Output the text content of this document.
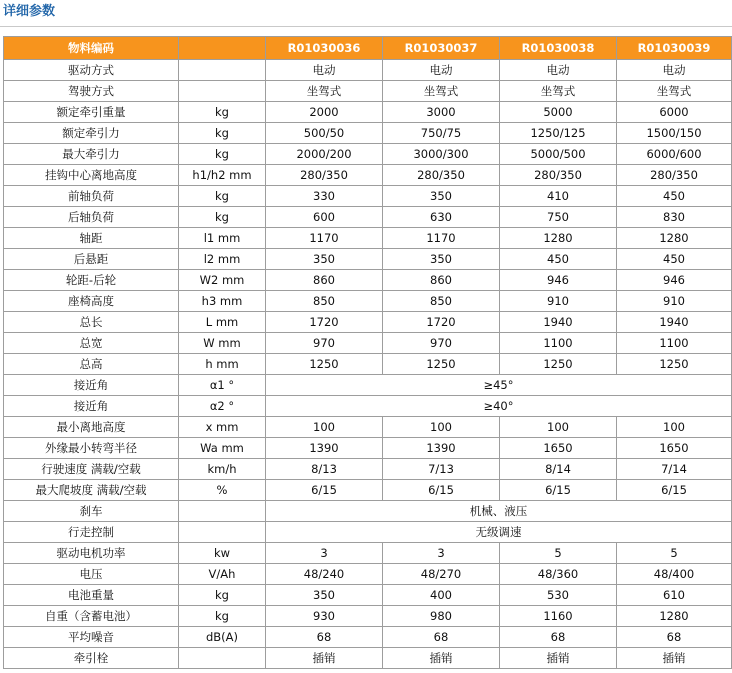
详细参数
物料编码		R01030036	R01030037	R01030038	R01030039
驱动方式		电动	电动	电动	电动
驾驶方式		坐驾式	坐驾式	坐驾式	坐驾式
额定牵引重量	kg	2000	3000	5000	6000
额定牵引力	kg	500/50	750/75	1250/125	1500/150
最大牵引力	kg	2000/200	3000/300	5000/500	6000/600
挂钩中心离地高度	h1/h2 mm	280/350	280/350	280/350	280/350
前轴负荷	kg	330	350	410	450
后轴负荷	kg	600	630	750	830
轴距	l1 mm	1170	1170	1280	1280
后悬距	l2 mm	350	350	450	450
轮距-后轮	W2 mm	860	860	946	946
座椅高度	h3 mm	850	850	910	910
总长	L mm	1720	1720	1940	1940
总宽	W mm	970	970	1100	1100
总高	h mm	1250	1250	1250	1250
接近角	α1 °	≥45°			
接近角	α2 °	≥40°			
最小离地高度	x mm	100	100	100	100
外缘最小转弯半径	Wa mm	1390	1390	1650	1650
行驶速度 满载/空载	km/h	8/13	7/13	8/14	7/14
最大爬坡度 满载/空载	%	6/15	6/15	6/15	6/15
刹车		机械、液压			
行走控制		无级调速			
驱动电机功率	kw	3	3	5	5
电压	V/Ah	48/240	48/270	48/360	48/400
电池重量	kg	350	400	530	610
自重（含蓄电池）	kg	930	980	1160	1280
平均噪音	dB(A)	68	68	68	68
牵引栓		插销	插销	插销	插销
